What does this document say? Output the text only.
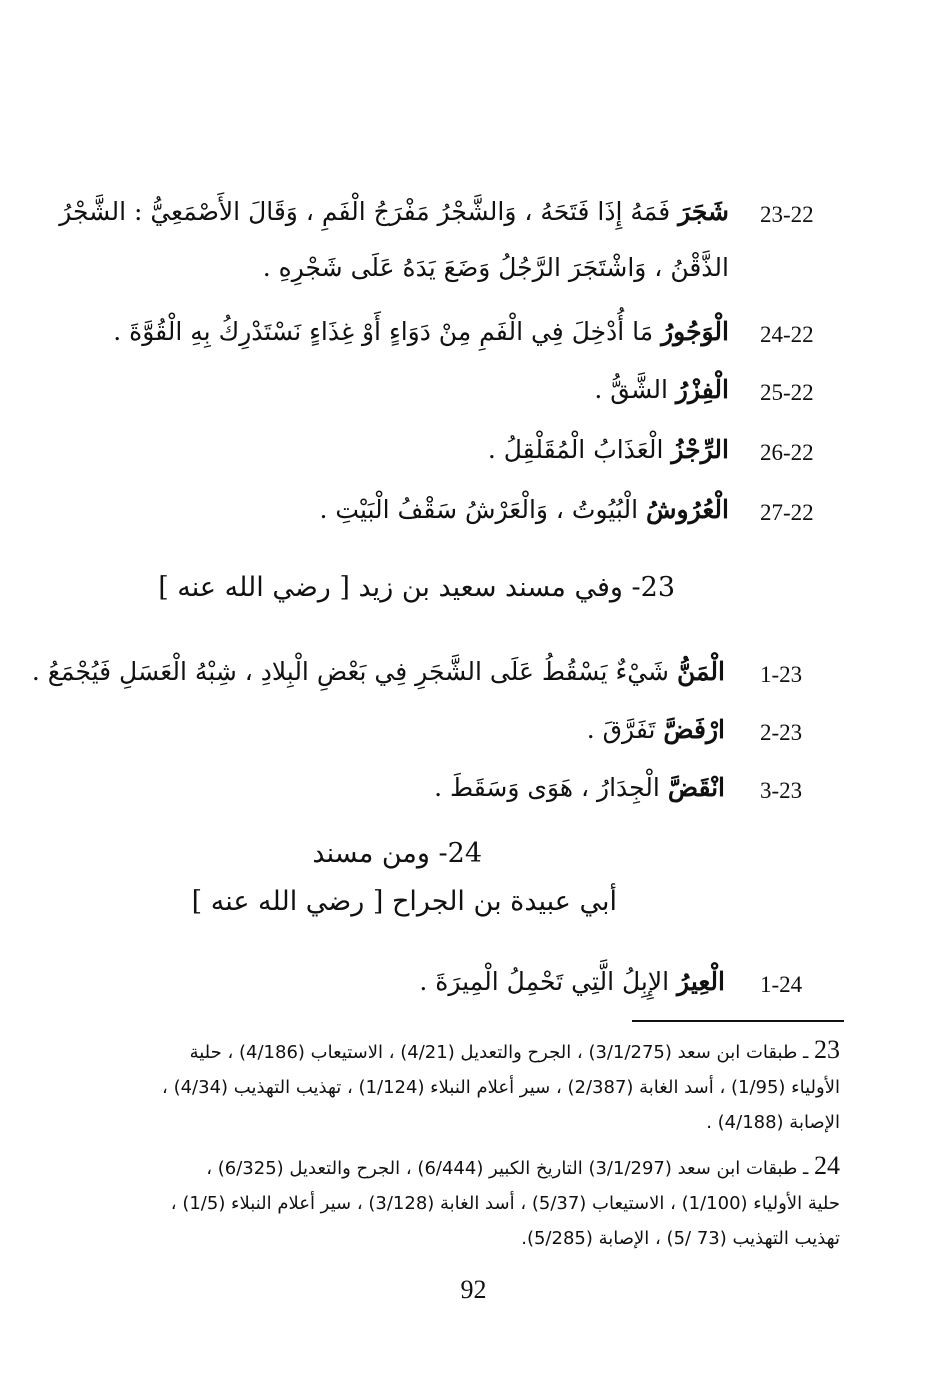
23-22
شَجَرَ فَمَهُ إِذَا فَتَحَهُ ، وَالشَّجْرُ مَفْرَجُ الْفَمِ ، وَقَالَ الأَصْمَعِيُّ : الشَّجْرُ
الذَّقْنُ ، وَاشْتَجَرَ الرَّجُلُ وَضَعَ يَدَهُ عَلَى شَجْرِهِ .
24-22
الْوَجُورُ مَا أُدْخِلَ فِي الْفَمِ مِنْ دَوَاءٍ أَوْ غِذَاءٍ نَسْتَدْرِكُ بِهِ الْقُوَّةَ .
25-22
الْفِزْرُ الشَّقُّ .
26-22
الرِّجْزُ الْعَذَابُ الْمُقَلْقِلُ .
27-22
الْعُرُوشُ الْبُيُوتُ ، وَالْعَرْشُ سَقْفُ الْبَيْتِ .
23- وفي مسند سعيد بن زيد [ رضي الله عنه ]
1-23
الْمَنُّ شَيْءٌ يَسْقُطُ عَلَى الشَّجَرِ فِي بَعْضِ الْبِلادِ ، شِبْهُ الْعَسَلِ فَيُجْمَعُ .
2-23
ارْفَضَّ تَفَرَّقَ .
3-23
انْقَضَّ الْجِدَارُ ، هَوَى وَسَقَطَ .
24- ومن مسند
أبي عبيدة بن الجراح [ رضي الله عنه ]
1-24
الْعِيرُ الإِبِلُ الَّتِي تَحْمِلُ الْمِيرَةَ .
23 ـ طبقات ابن سعد (3/1/275) ، الجرح والتعديل (4/21) ، الاستيعاب (4/186) ، حلية
الأولياء (1/95) ، أسد الغابة (2/387) ، سير أعلام النبلاء (1/124) ، تهذيب التهذيب (4/34) ،
الإصابة (4/188) .
24 ـ طبقات ابن سعد (3/1/297) التاريخ الكبير (6/444) ، الجرح والتعديل (6/325) ،
حلية الأولياء (1/100) ، الاستيعاب (5/37) ، أسد الغابة (3/128) ، سير أعلام النبلاء (1/5) ،
تهذيب التهذيب (73 /5) ، الإصابة (5/285).
92
